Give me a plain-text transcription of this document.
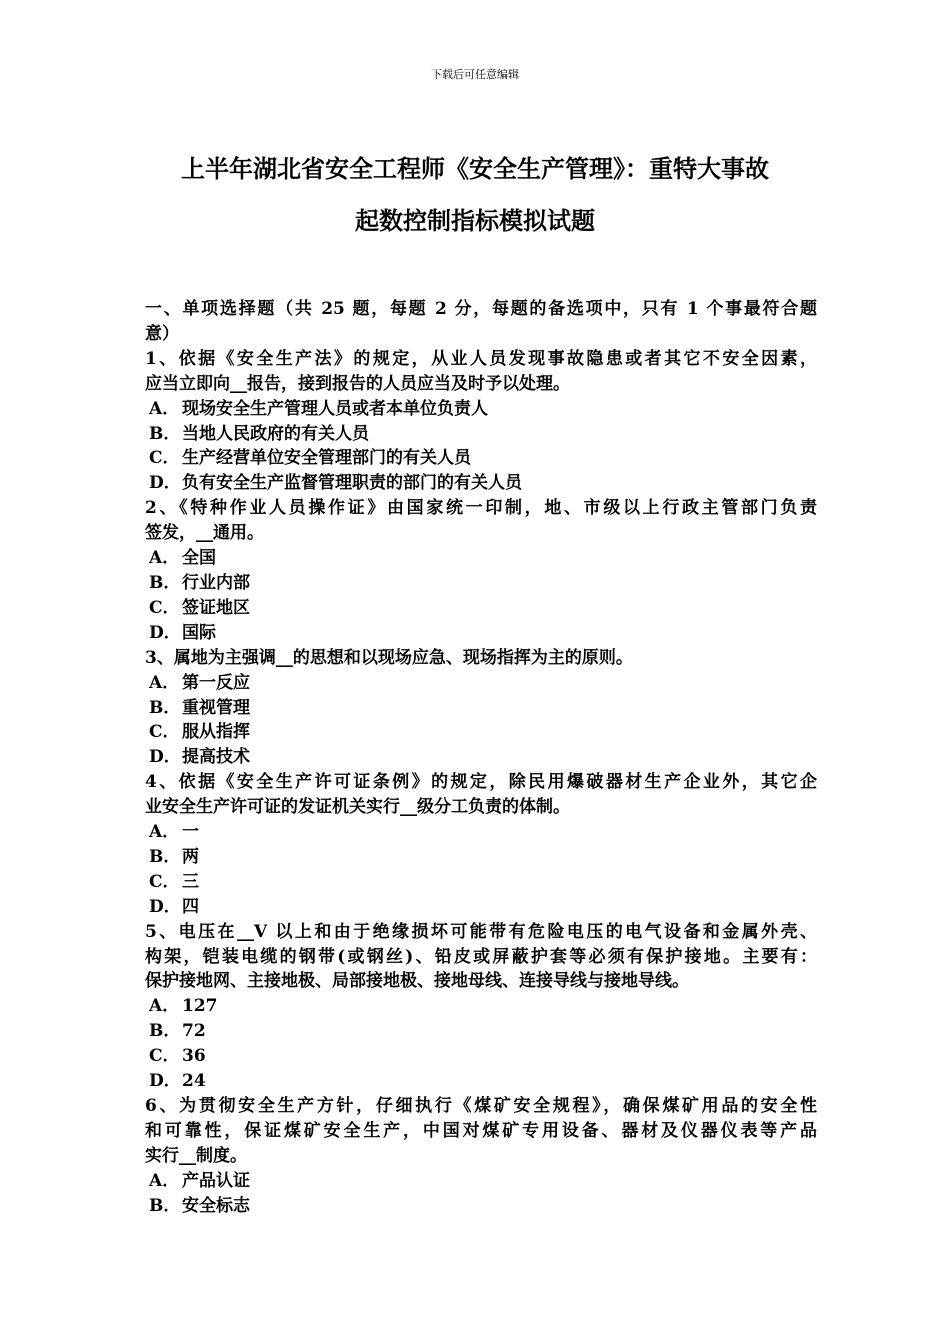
下载后可任意编辑
上半年湖北省安全工程师《安全生产管理》：重特大事故
起数控制指标模拟试题
一、单项选择题（共 25 题，每题 2 分，每题的备选项中，只有 1 个事最符合题
意）
1、依据《安全生产法》的规定，从业人员发现事故隐患或者其它不安全因素，
应当立即向__报告，接到报告的人员应当及时予以处理。
A． 现场安全生产管理人员或者本单位负责人
B．当地人民政府的有关人员
C． 生产经营单位安全管理部门的有关人员
D．负有安全生产监督管理职责的部门的有关人员
2、《特种作业人员操作证》由国家统一印制，地、市级以上行政主管部门负责
签发，__通用。
A． 全国
B．行业内部
C． 签证地区
D．国际
3、属地为主强调__的思想和以现场应急、现场指挥为主的原则。
A． 第一反应
B．重视管理
C． 服从指挥
D．提高技术
4、依据《安全生产许可证条例》的规定，除民用爆破器材生产企业外，其它企
业安全生产许可证的发证机关实行__级分工负责的体制。
A． 一
B．两
C． 三
D．四
5、电压在__V 以上和由于绝缘损坏可能带有危险电压的电气设备和金属外壳、
构架，铠装电缆的钢带(或钢丝)、铅皮或屏蔽护套等必须有保护接地。主要有：
保护接地网、主接地极、局部接地极、接地母线、连接导线与接地导线。
A． 127
B．72
C． 36
D．24
6、为贯彻安全生产方针，仔细执行《煤矿安全规程》，确保煤矿用品的安全性
和可靠性，保证煤矿安全生产，中国对煤矿专用设备、器材及仪器仪表等产品
实行__制度。
A． 产品认证
B．安全标志
